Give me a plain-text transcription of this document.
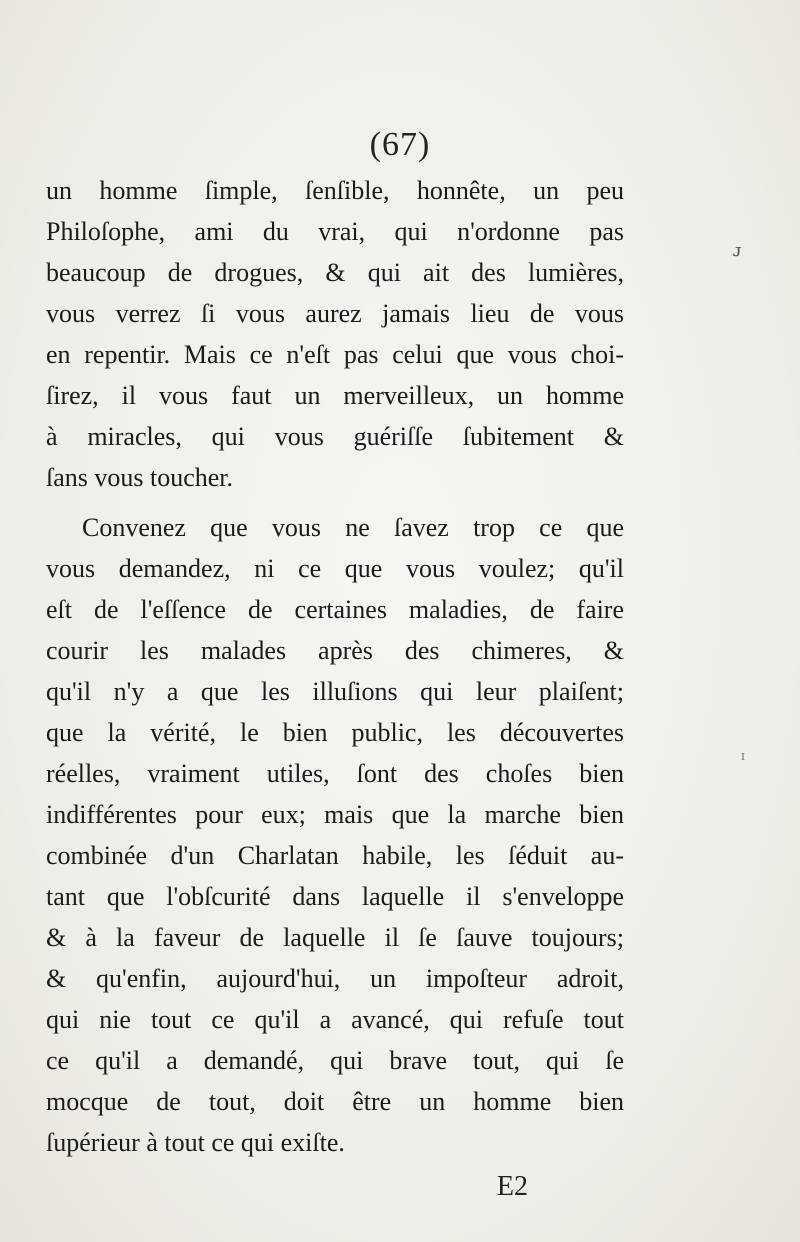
(67)
un homme ſimple, ſenſible, honnête, un peu
Philoſophe, ami du vrai, qui n'ordonne pas
beaucoup de drogues, & qui ait des lumières,
vous verrez ſi vous aurez jamais lieu de vous
en repentir. Mais ce n'eſt pas celui que vous choi-
ſirez, il vous faut un merveilleux, un homme
à miracles, qui vous guériſſe ſubitement &
ſans vous toucher.
Convenez que vous ne ſavez trop ce que
vous demandez, ni ce que vous voulez; qu'il
eſt de l'eſſence de certaines maladies, de faire
courir les malades après des chimeres, &
qu'il n'y a que les illuſions qui leur plaiſent;
que la vérité, le bien public, les découvertes
réelles, vraiment utiles, ſont des choſes bien
indifférentes pour eux; mais que la marche bien
combinée d'un Charlatan habile, les ſéduit au-
tant que l'obſcurité dans laquelle il s'enveloppe
& à la faveur de laquelle il ſe ſauve toujours;
& qu'enfin, aujourd'hui, un impoſteur adroit,
qui nie tout ce qu'il a avancé, qui refuſe tout
ce qu'il a demandé, qui brave tout, qui ſe
mocque de tout, doit être un homme bien
ſupérieur à tout ce qui exiſte.
E2
ᴊ
ᴵ
